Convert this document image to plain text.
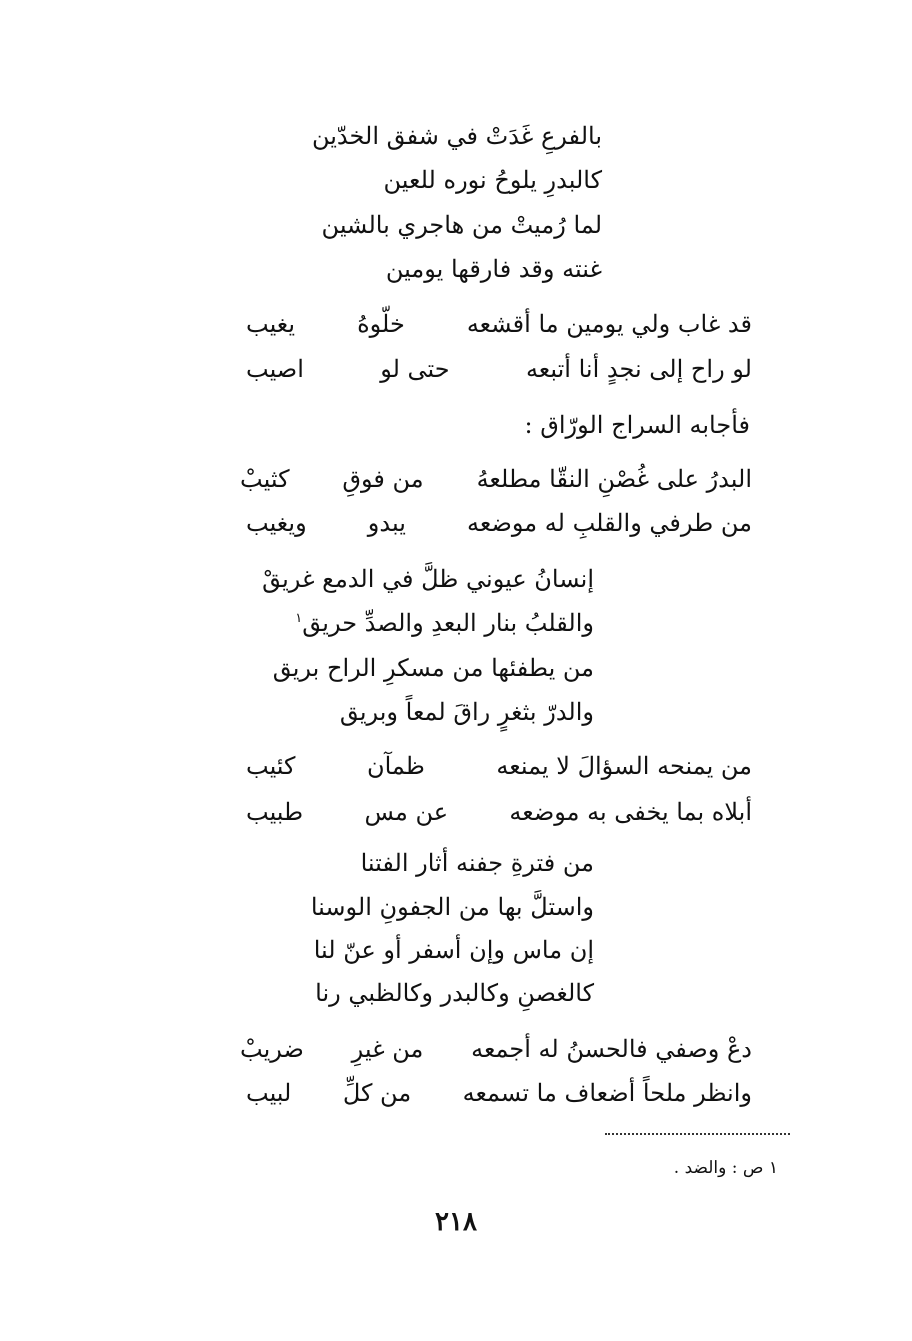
بالفرعِ غَدَتْ في شفق الخدّين
كالبدرِ يلوحُ نوره للعين
لما رُميتْ من هاجري بالشين
غنته وقد فارقها يومين
قد غاب ولي يومين ما أقشعه
خلّوهُ
يغيب
لو راح إلى نجدٍ أنا أتبعه
حتى لو
اصيب
فأجابه السراج الورّاق :
البدرُ على غُصْنِ النقّا مطلعهُ
من فوقِ
كثيبْ
من طرفي والقلبِ له موضعه
يبدو
ويغيب
إنسانُ عيوني ظلَّ في الدمع غريقْ
والقلبُ بنار البعدِ والصدِّ حريق$^١$
من يطفئها من مسكرِ الراح بريق
والدرّ بثغرٍ راقَ لمعاً وبريق
من يمنحه السؤالَ لا يمنعه
ظمآن
كئيب
أبلاه بما يخفى به موضعه
عن مس
طبيب
من فترةِ جفنه أثار الفتنا
واستلَّ بها من الجفونِ الوسنا
إن ماس وإن أسفر أو عنّ لنا
كالغصنِ وكالبدر وكالظبي رنا
دعْ وصفي فالحسنُ له أجمعه
من غيرِ
ضريبْ
وانظر ملحاً أضعاف ما تسمعه
من كلِّ
لبيب
١ ص : والضد .
٢١٨
